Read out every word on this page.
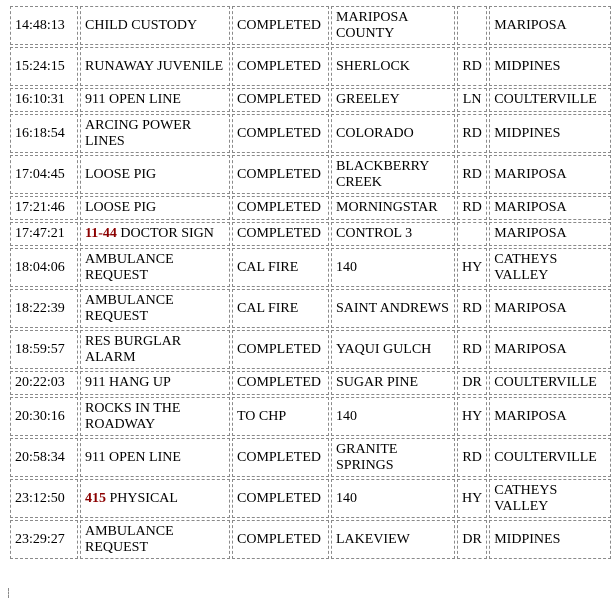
14:48:13	CHILD CUSTODY	COMPLETED	MARIPOSA COUNTY		MARIPOSA
15:24:15	RUNAWAY JUVENILE	COMPLETED	SHERLOCK	RD	MIDPINES
16:10:31	911 OPEN LINE	COMPLETED	GREELEY	LN	COULTERVILLE
16:18:54	ARCING POWER LINES	COMPLETED	COLORADO	RD	MIDPINES
17:04:45	LOOSE PIG	COMPLETED	BLACKBERRY CREEK	RD	MARIPOSA
17:21:46	LOOSE PIG	COMPLETED	MORNINGSTAR	RD	MARIPOSA
17:47:21	11-44 DOCTOR SIGN	COMPLETED	CONTROL 3		MARIPOSA
18:04:06	AMBULANCE REQUEST	CAL FIRE	140	HY	CATHEYS VALLEY
18:22:39	AMBULANCE REQUEST	CAL FIRE	SAINT ANDREWS	RD	MARIPOSA
18:59:57	RES BURGLAR ALARM	COMPLETED	YAQUI GULCH	RD	MARIPOSA
20:22:03	911 HANG UP	COMPLETED	SUGAR PINE	DR	COULTERVILLE
20:30:16	ROCKS IN THE ROADWAY	TO CHP	140	HY	MARIPOSA
20:58:34	911 OPEN LINE	COMPLETED	GRANITE SPRINGS	RD	COULTERVILLE
23:12:50	415 PHYSICAL	COMPLETED	140	HY	CATHEYS VALLEY
23:29:27	AMBULANCE REQUEST	COMPLETED	LAKEVIEW	DR	MIDPINES
